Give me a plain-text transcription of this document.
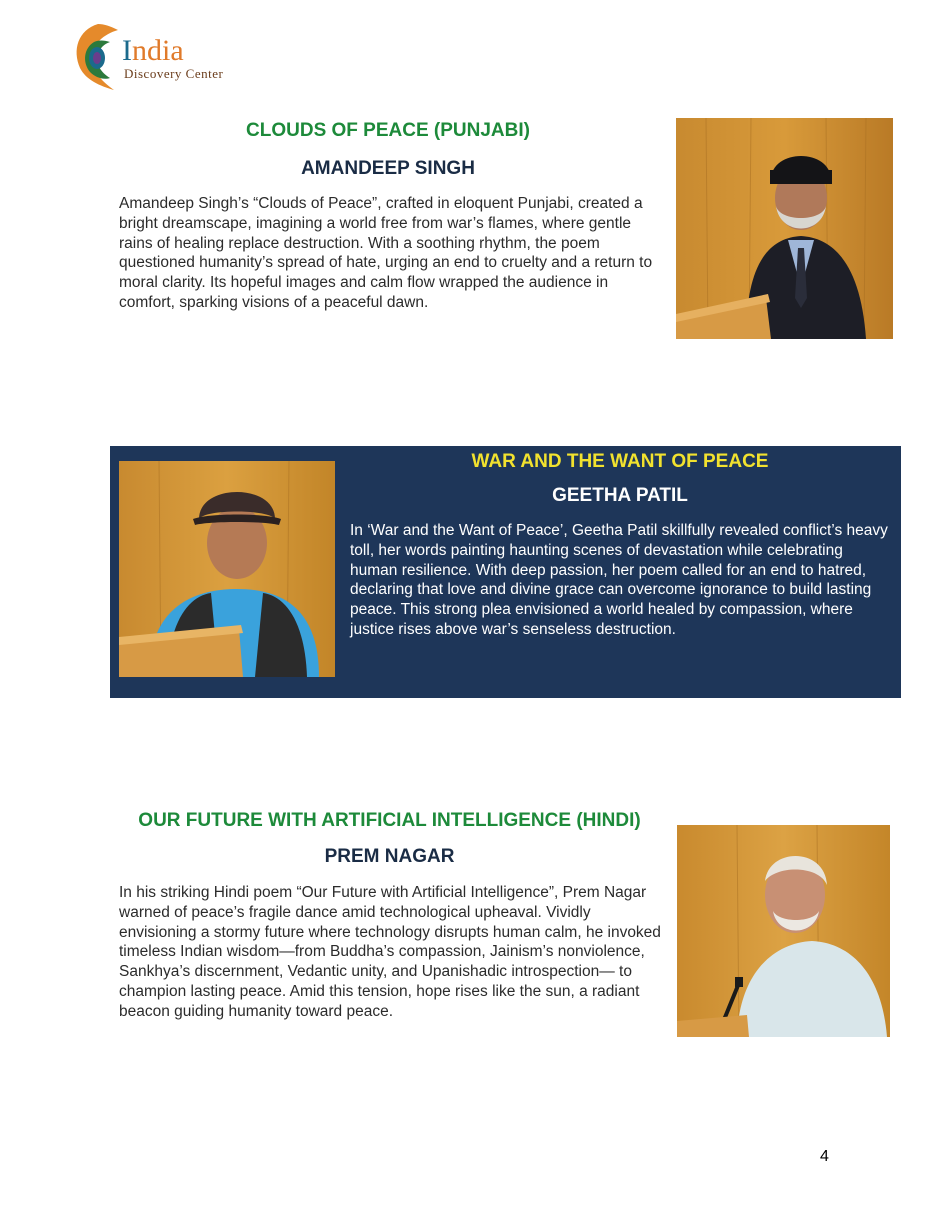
India
Discovery Center

CLOUDS OF PEACE (PUNJABI)

AMANDEEP SINGH

Amandeep Singh’s “Clouds of Peace”, crafted in eloquent Punjabi, created a bright dreamscape, imagining a world free from war’s flames, where gentle rains of healing replace destruction. With a soothing rhythm, the poem questioned humanity’s spread of hate, urging an end to cruelty and a return to moral clarity. Its hopeful images and calm flow wrapped the audience in comfort, sparking visions of a peaceful dawn.

WAR AND THE WANT OF PEACE

GEETHA PATIL

In ‘War and the Want of Peace’, Geetha Patil skillfully revealed conflict’s heavy toll, her words painting haunting scenes of devastation while celebrating human resilience. With deep passion, her poem called for an end to hatred, declaring that love and divine grace can overcome ignorance to build lasting peace. This strong plea envisioned a world healed by compassion, where justice rises above war’s senseless destruction.

OUR FUTURE WITH ARTIFICIAL INTELLIGENCE (HINDI)

PREM NAGAR

In his striking Hindi poem “Our Future with Artificial Intelligence”, Prem Nagar warned of peace’s fragile dance amid technological upheaval. Vividly envisioning a stormy future where technology disrupts human calm, he invoked timeless Indian wisdom—from Buddha’s compassion, Jainism’s nonviolence, Sankhya’s discernment, Vedantic unity, and Upanishadic introspection— to champion lasting peace. Amid this tension, hope rises like the sun, a radiant beacon guiding humanity toward peace.

4
